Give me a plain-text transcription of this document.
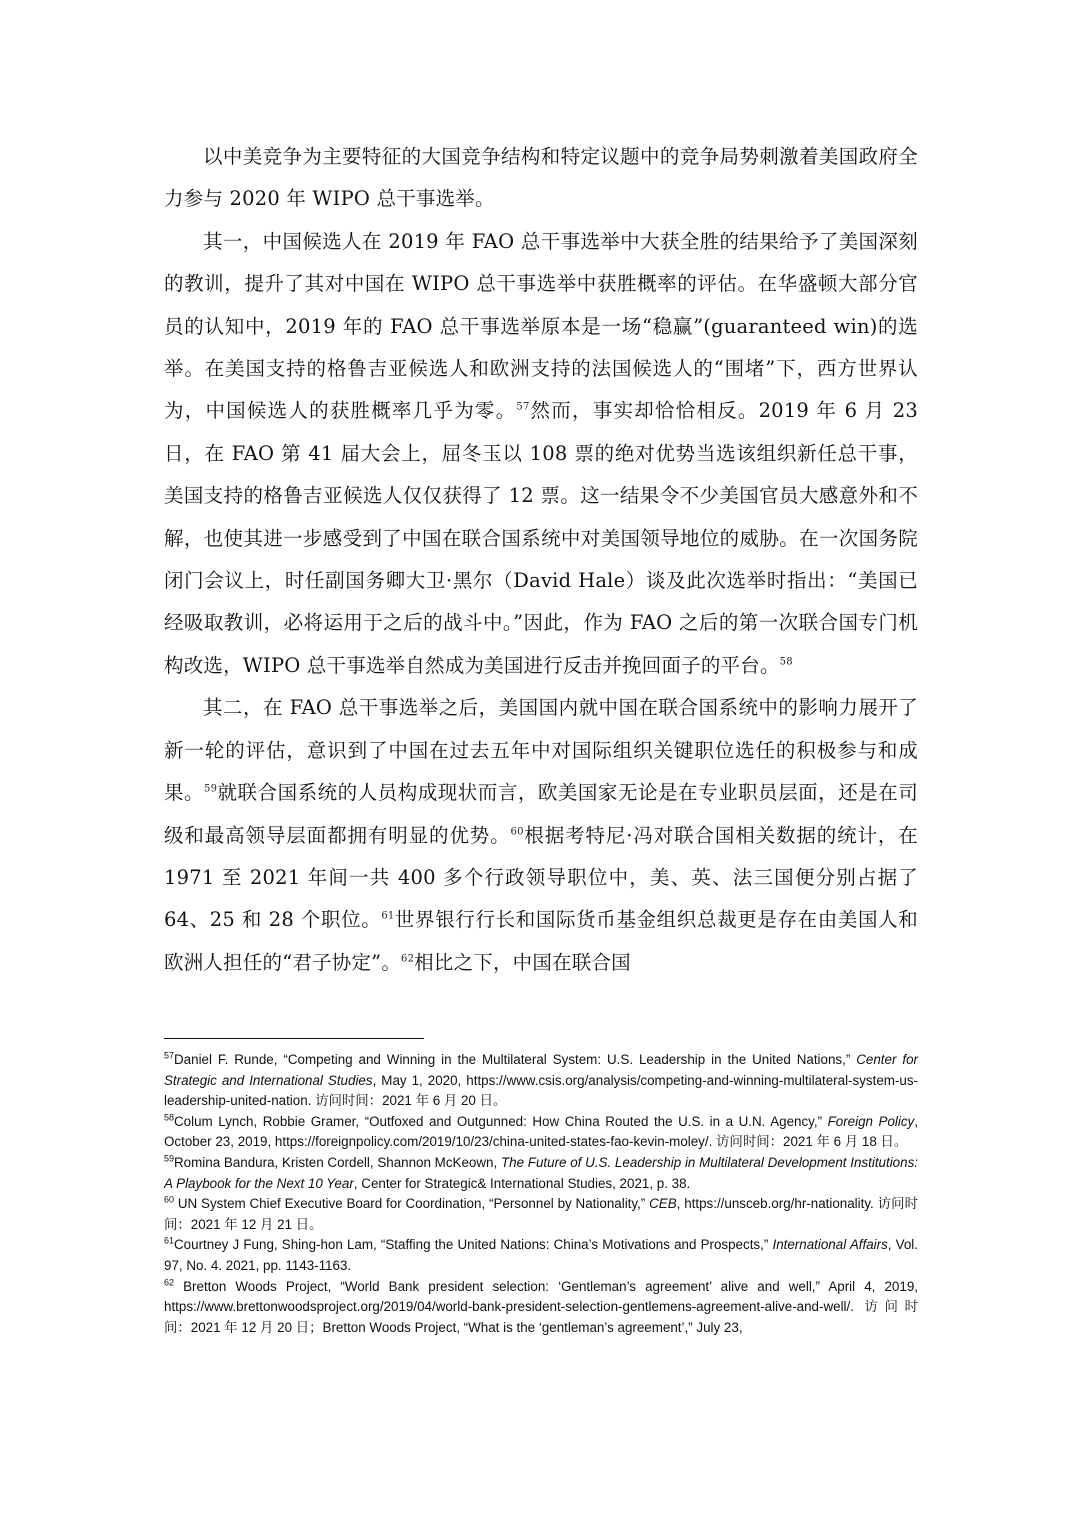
以中美竞争为主要特征的大国竞争结构和特定议题中的竞争局势刺激着美国政府全力参与 2020 年 WIPO 总干事选举。

其一，中国候选人在 2019 年 FAO 总干事选举中大获全胜的结果给予了美国深刻的教训，提升了其对中国在 WIPO 总干事选举中获胜概率的评估。在华盛顿大部分官员的认知中，2019 年的 FAO 总干事选举原本是一场“稳赢”(guaranteed win)的选举。在美国支持的格鲁吉亚候选人和欧洲支持的法国候选人的“围堵”下，西方世界认为，中国候选人的获胜概率几乎为零。$^{57}$然而，事实却恰恰相反。2019 年 6 月 23 日，在 FAO 第 41 届大会上，屈冬玉以 108 票的绝对优势当选该组织新任总干事，美国支持的格鲁吉亚候选人仅仅获得了 12 票。这一结果令不少美国官员大感意外和不解，也使其进一步感受到了中国在联合国系统中对美国领导地位的威胁。在一次国务院闭门会议上，时任副国务卿大卫·黑尔（David Hale）谈及此次选举时指出：“美国已经吸取教训，必将运用于之后的战斗中。”因此，作为 FAO 之后的第一次联合国专门机构改选，WIPO 总干事选举自然成为美国进行反击并挽回面子的平台。$^{58}$

其二，在 FAO 总干事选举之后，美国国内就中国在联合国系统中的影响力展开了新一轮的评估，意识到了中国在过去五年中对国际组织关键职位选任的积极参与和成果。$^{59}$就联合国系统的人员构成现状而言，欧美国家无论是在专业职员层面，还是在司级和最高领导层面都拥有明显的优势。$^{60}$根据考特尼·冯对联合国相关数据的统计，在 1971 至 2021 年间一共 400 多个行政领导职位中，美、英、法三国便分别占据了 64、25 和 28 个职位。$^{61}$世界银行行长和国际货币基金组织总裁更是存在由美国人和欧洲人担任的“君子协定”。$^{62}$相比之下，中国在联合国

$^{57}$Daniel F. Runde, “Competing and Winning in the Multilateral System: U.S. Leadership in the United Nations,” Center for Strategic and International Studies, May 1, 2020, https://www.csis.org/analysis/competing-and-winning-multilateral-system-us-leadership-united-nation. 访问时间：2021 年 6 月 20 日。

$^{58}$Colum Lynch, Robbie Gramer, “Outfoxed and Outgunned: How China Routed the U.S. in a U.N. Agency,” Foreign Policy, October 23, 2019, https://foreignpolicy.com/2019/10/23/china-united-states-fao-kevin-moley/. 访问时间：2021 年 6 月 18 日。

$^{59}$Romina Bandura, Kristen Cordell, Shannon McKeown, The Future of U.S. Leadership in Multilateral Development Institutions: A Playbook for the Next 10 Year, Center for Strategic& International Studies, 2021, p. 38.

$^{60}$ UN System Chief Executive Board for Coordination, “Personnel by Nationality,” CEB, https://unsceb.org/hr-nationality. 访问时间：2021 年 12 月 21 日。

$^{61}$Courtney J Fung, Shing-hon Lam, “Staffing the United Nations: China’s Motivations and Prospects,” International Affairs, Vol. 97, No. 4. 2021, pp. 1143-1163.

$^{62}$ Bretton Woods Project, “World Bank president selection: ‘Gentleman’s agreement’ alive and well,” April 4, 2019, https://www.brettonwoodsproject.org/2019/04/world-bank-president-selection-gentlemens-agreement-alive-and-well/. 访问时间：2021 年 12 月 20 日；Bretton Woods Project, “What is the ‘gentleman’s agreement’,” July 23,
